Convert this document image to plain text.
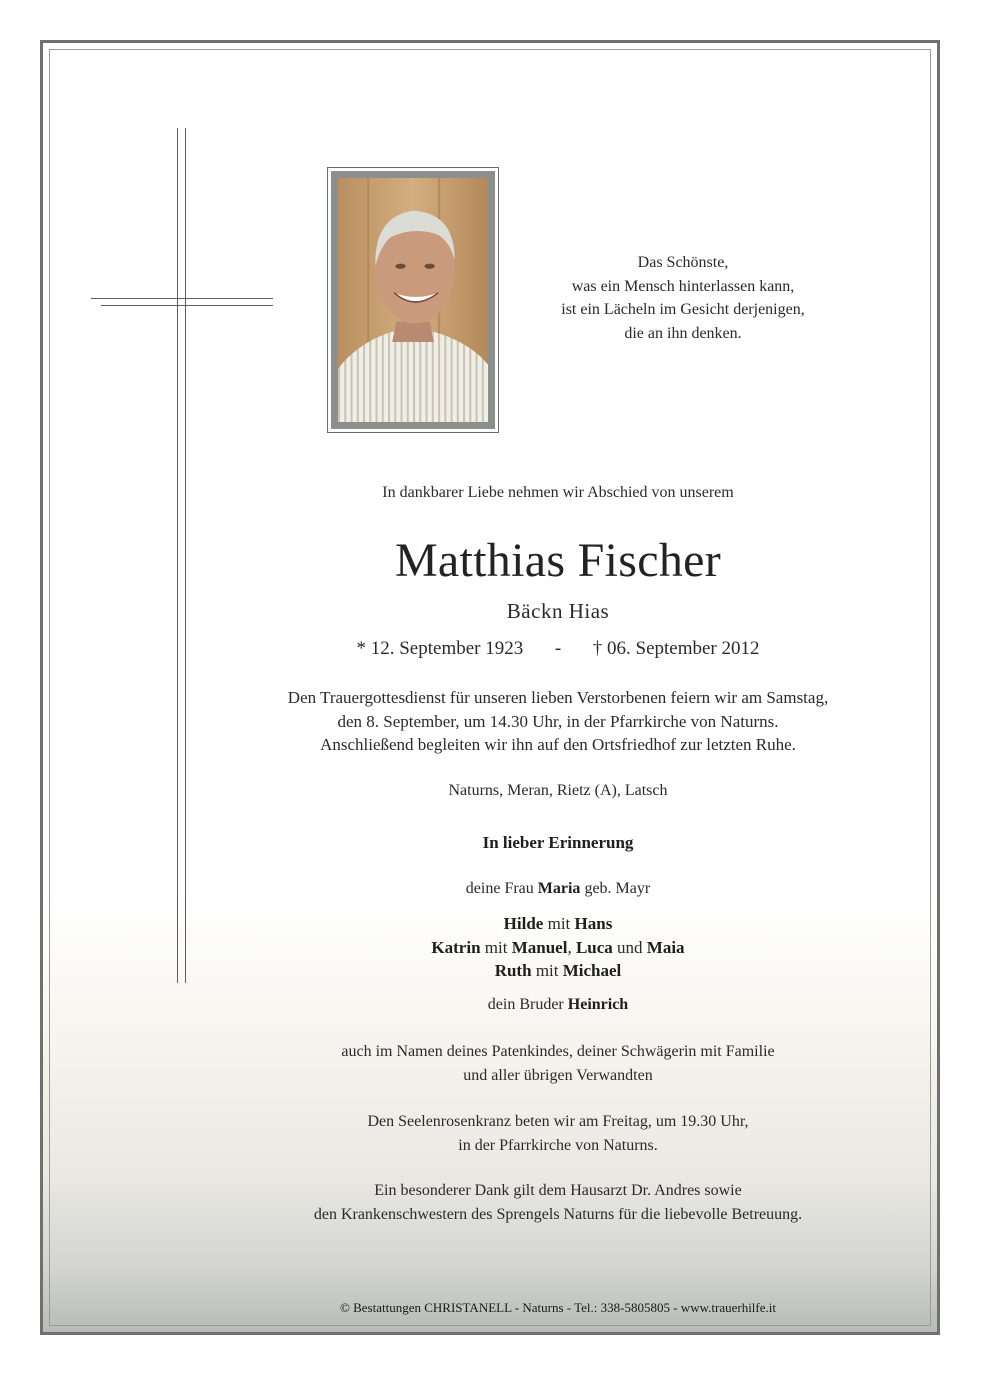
Das Schönste,
was ein Mensch hinterlassen kann,
ist ein Lächeln im Gesicht derjenigen,
die an ihn denken.
In dankbarer Liebe nehmen wir Abschied von unserem
Matthias Fischer
Bäckn Hias
* 12. September 1923 - † 06. September 2012
Den Trauergottesdienst für unseren lieben Verstorbenen feiern wir am Samstag,
den 8. September, um 14.30 Uhr, in der Pfarrkirche von Naturns.
Anschließend begleiten wir ihn auf den Ortsfriedhof zur letzten Ruhe.
Naturns, Meran, Rietz (A), Latsch
In lieber Erinnerung
deine Frau Maria geb. Mayr
Hilde mit Hans
Katrin mit Manuel, Luca und Maia
Ruth mit Michael
dein Bruder Heinrich
auch im Namen deines Patenkindes, deiner Schwägerin mit Familie
und aller übrigen Verwandten
Den Seelenrosenkranz beten wir am Freitag, um 19.30 Uhr,
in der Pfarrkirche von Naturns.
Ein besonderer Dank gilt dem Hausarzt Dr. Andres sowie
den Krankenschwestern des Sprengels Naturns für die liebevolle Betreuung.
© Bestattungen CHRISTANELL - Naturns - Tel.: 338-5805805 - www.trauerhilfe.it
